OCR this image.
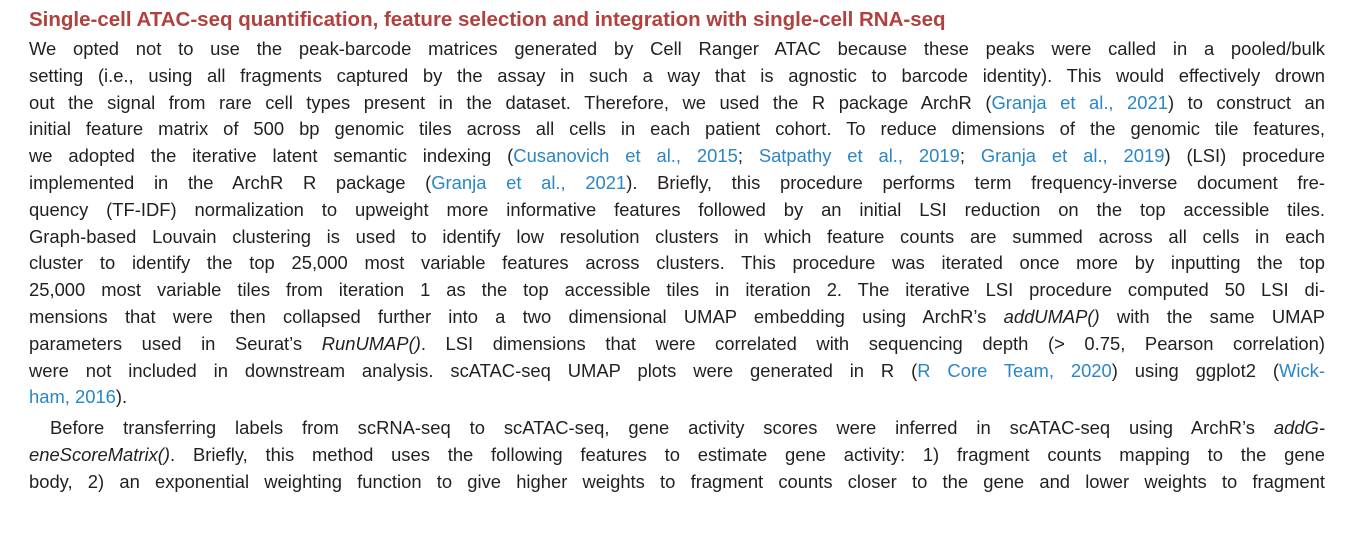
Single-cell ATAC-seq quantification, feature selection and integration with single-cell RNA-seq

We opted not to use the peak-barcode matrices generated by Cell Ranger ATAC because these peaks were called in a pooled/bulk
setting (i.e., using all fragments captured by the assay in such a way that is agnostic to barcode identity). This would effectively drown
out the signal from rare cell types present in the dataset. Therefore, we used the R package ArchR (Granja et al., 2021) to construct an
initial feature matrix of 500 bp genomic tiles across all cells in each patient cohort. To reduce dimensions of the genomic tile features,
we adopted the iterative latent semantic indexing (Cusanovich et al., 2015; Satpathy et al., 2019; Granja et al., 2019) (LSI) procedure
implemented in the ArchR R package (Granja et al., 2021). Briefly, this procedure performs term frequency-inverse document fre-
quency (TF-IDF) normalization to upweight more informative features followed by an initial LSI reduction on the top accessible tiles.
Graph-based Louvain clustering is used to identify low resolution clusters in which feature counts are summed across all cells in each
cluster to identify the top 25,000 most variable features across clusters. This procedure was iterated once more by inputting the top
25,000 most variable tiles from iteration 1 as the top accessible tiles in iteration 2. The iterative LSI procedure computed 50 LSI di-
mensions that were then collapsed further into a two dimensional UMAP embedding using ArchR’s addUMAP() with the same UMAP
parameters used in Seurat’s RunUMAP(). LSI dimensions that were correlated with sequencing depth (> 0.75, Pearson correlation)
were not included in downstream analysis. scATAC-seq UMAP plots were generated in R (R Core Team, 2020) using ggplot2 (Wick-
ham, 2016).

Before transferring labels from scRNA-seq to scATAC-seq, gene activity scores were inferred in scATAC-seq using ArchR’s addG-
eneScoreMatrix(). Briefly, this method uses the following features to estimate gene activity: 1) fragment counts mapping to the gene
body, 2) an exponential weighting function to give higher weights to fragment counts closer to the gene and lower weights to fragment
